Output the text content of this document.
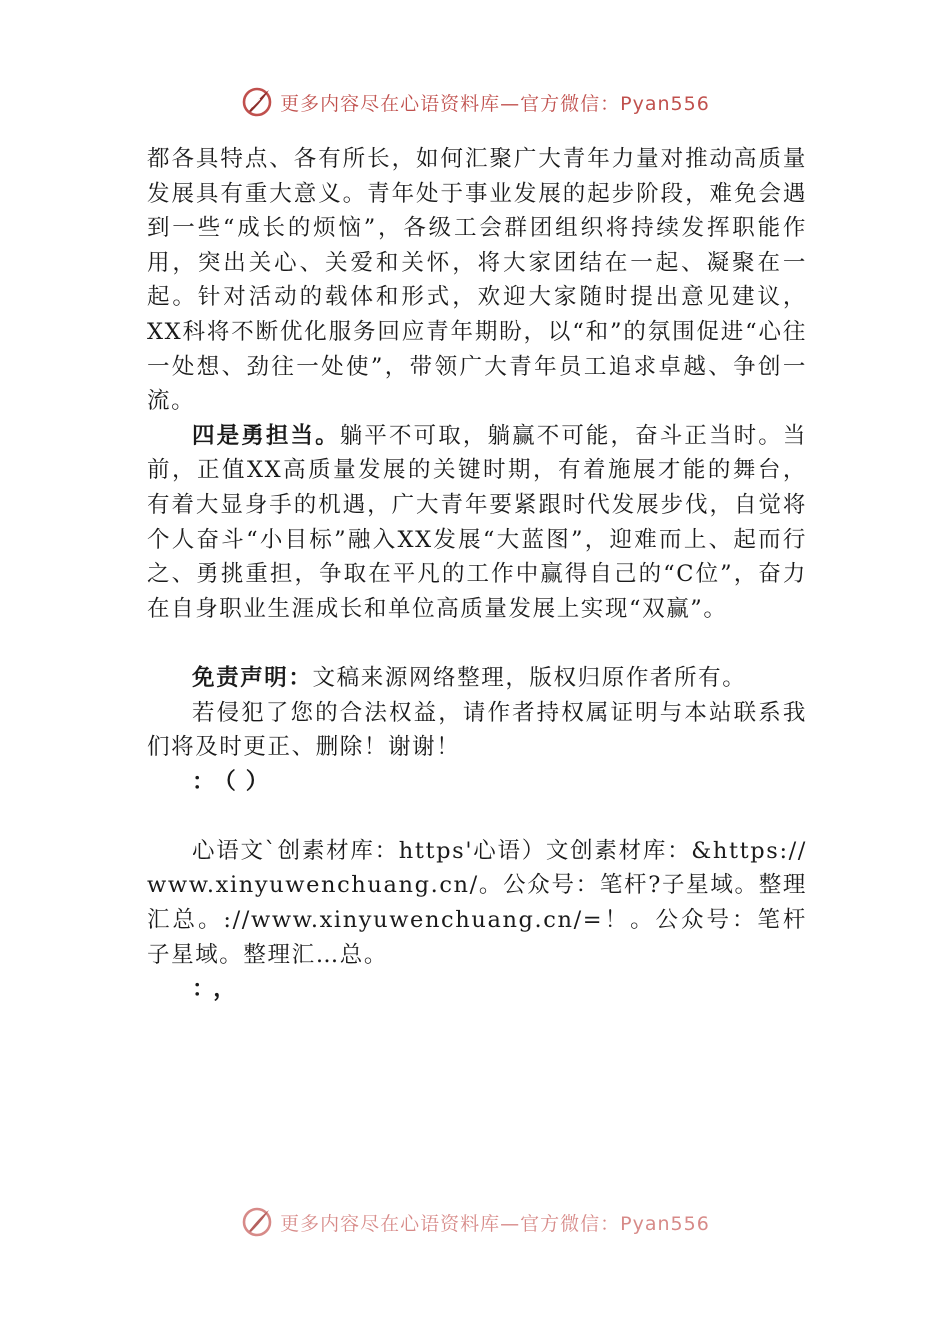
更多内容尽在心语资料库—官方微信：Pyan556

都各具特点、各有所长，如何汇聚广大青年力量对推动高质量发展具有重大意义。青年处于事业发展的起步阶段，难免会遇到一些“成长的烦恼”，各级工会群团组织将持续发挥职能作用，突出关心、关爱和关怀，将大家团结在一起、凝聚在一起。针对活动的载体和形式，欢迎大家随时提出意见建议，XX科将不断优化服务回应青年期盼，以“和”的氛围促进“心往一处想、劲往一处使”，带领广大青年员工追求卓越、争创一流。

四是勇担当。躺平不可取，躺赢不可能，奋斗正当时。当前，正值XX高质量发展的关键时期，有着施展才能的舞台，有着大显身手的机遇，广大青年要紧跟时代发展步伐，自觉将个人奋斗“小目标”融入XX发展“大蓝图”，迎难而上、起而行之、勇挑重担，争取在平凡的工作中赢得自己的“C位”，奋力在自身职业生涯成长和单位高质量发展上实现“双赢”。

免责声明：文稿来源网络整理，版权归原作者所有。

若侵犯了您的合法权益，请作者持权属证明与本站联系我们将及时更正、删除！谢谢！

：（）

心语文`创素材库：https'心语）文创素材库：&https://www.xinyuwenchuang.cn/。公众号：笔杆?子星域。整理汇总。://www.xinyuwenchuang.cn/=！。公众号：笔杆子星域。整理汇…总。

：，

更多内容尽在心语资料库—官方微信：Pyan556
